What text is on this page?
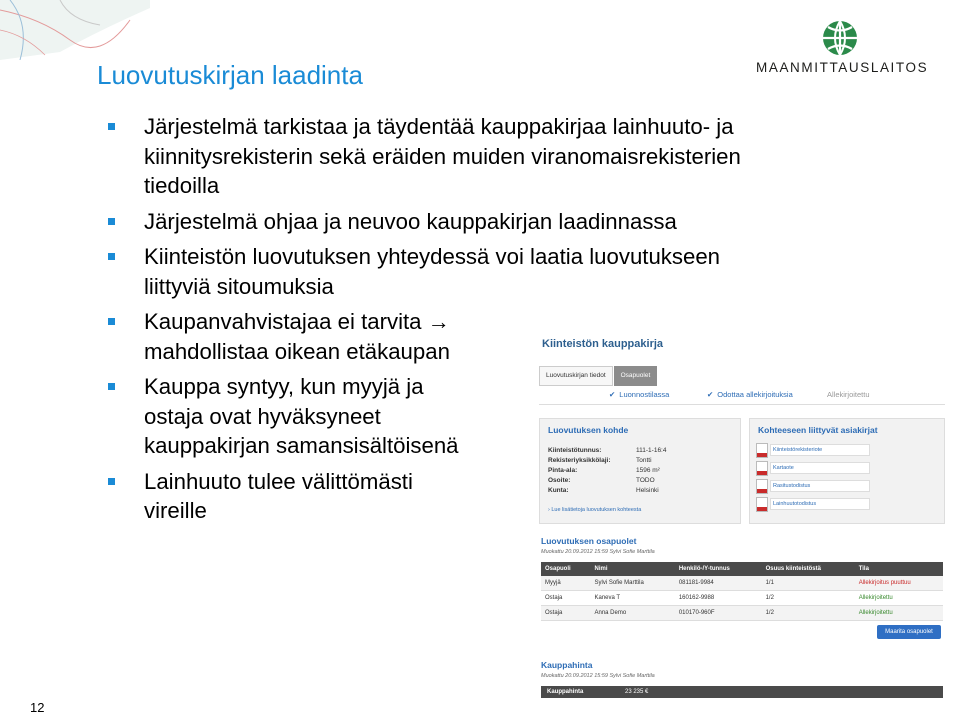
MAANMITTAUSLAITOS
Luovutuskirjan laadinta
Järjestelmä tarkistaa ja täydentää kauppakirjaa lainhuuto- ja
kiinnitysrekisterin sekä eräiden muiden viranomaisrekisterien
tiedoilla
Järjestelmä ohjaa ja neuvoo kauppakirjan laadinnassa
Kiinteistön luovutuksen yhteydessä voi laatia luovutukseen
liittyviä sitoumuksia
Kaupanvahvistajaa ei tarvita →
mahdollistaa oikean etäkaupan
Kauppa syntyy, kun myyjä ja
ostaja ovat hyväksyneet
kauppakirjan samansisältöisenä
Lainhuuto tulee välittömästi
vireille
Kiinteistön kauppakirja
Luovutuskirjan tiedot Osapuolet
✔ Luonnostilassa	✔ Odottaa allekirjoituksia	Allekirjoitettu
Luovutuksen kohde
Kiinteistötunnus:	111-1-16:4
Rekisteriyksikkölaji:	Tontti
Pinta-ala:	1596 m²
Osoite:	TODO
Kunta:	Helsinki
› Lue lisätietoja luovutuksen kohteesta
Kohteeseen liittyvät asiakirjat
Kiinteistörekisteriote
Kartaote
Rasitustodistus
Lainhuutotodistus
Luovutuksen osapuolet
Muokattu 20.09.2012 15:59 Sylvi Sofie Marttila
Osapuoli	Nimi	Henkilö-/Y-tunnus	Osuus kiinteistöstä	Tila
Myyjä	Sylvi Sofie Marttila	081181-9984	1/1	Allekirjoitus puuttuu
Ostaja	Kaneva T	160162-9988	1/2	Allekirjoitettu
Ostaja	Anna Demo	010170-960F	1/2	Allekirjoitettu
Maarita osapuolet
Kauppahinta
Muokattu 20.09.2012 15:59 Sylvi Sofie Marttila
Kauppahinta	23 235 €
12
